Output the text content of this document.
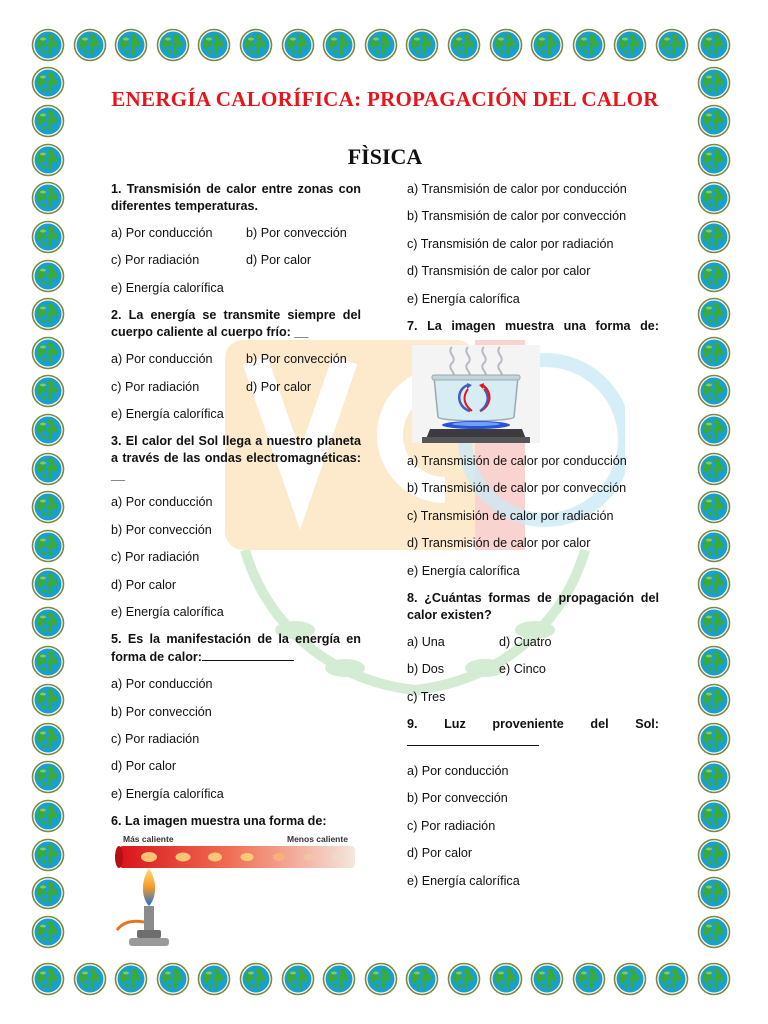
ENERGÍA CALORÍFICA: PROPAGACIÓN DEL CALOR
FÌSICA
1. Transmisión de calor entre zonas con diferentes temperaturas.
a) Por conducción	b) Por convección
c) Por radiación	d) Por calor
e) Energía calorífica
2. La energía se transmite siempre del cuerpo caliente al cuerpo frío: __
a) Por conducción	b) Por convección
c) Por radiación	d) Por calor
e) Energía calorífica
3. El calor del Sol llega a nuestro planeta a través de las ondas electromagnéticas: __
a) Por conducción
b) Por convección
c) Por radiación
d) Por calor
e) Energía calorífica
5. Es la manifestación de la energía en forma de calor:
a) Por conducción
b) Por convección
c) Por radiación
d) Por calor
e) Energía calorífica
6. La imagen muestra una forma de:
Más caliente	Menos caliente
a) Transmisión de calor por conducción
b) Transmisión de calor por convección
c) Transmisión de calor por radiación
d) Transmisión de calor por calor
e) Energía calorífica
7. La imagen muestra una forma de:
a) Transmisión de calor por conducción
b) Transmisión de calor por convección
c) Transmisión de calor por radiación
d) Transmisión de calor por calor
e) Energía calorífica
8. ¿Cuántas formas de propagación del calor existen?
a) Una	d) Cuatro
b) Dos	e) Cinco
c) Tres
9. Luz proveniente del Sol:
a) Por conducción
b) Por convección
c) Por radiación
d) Por calor
e) Energía calorífica
